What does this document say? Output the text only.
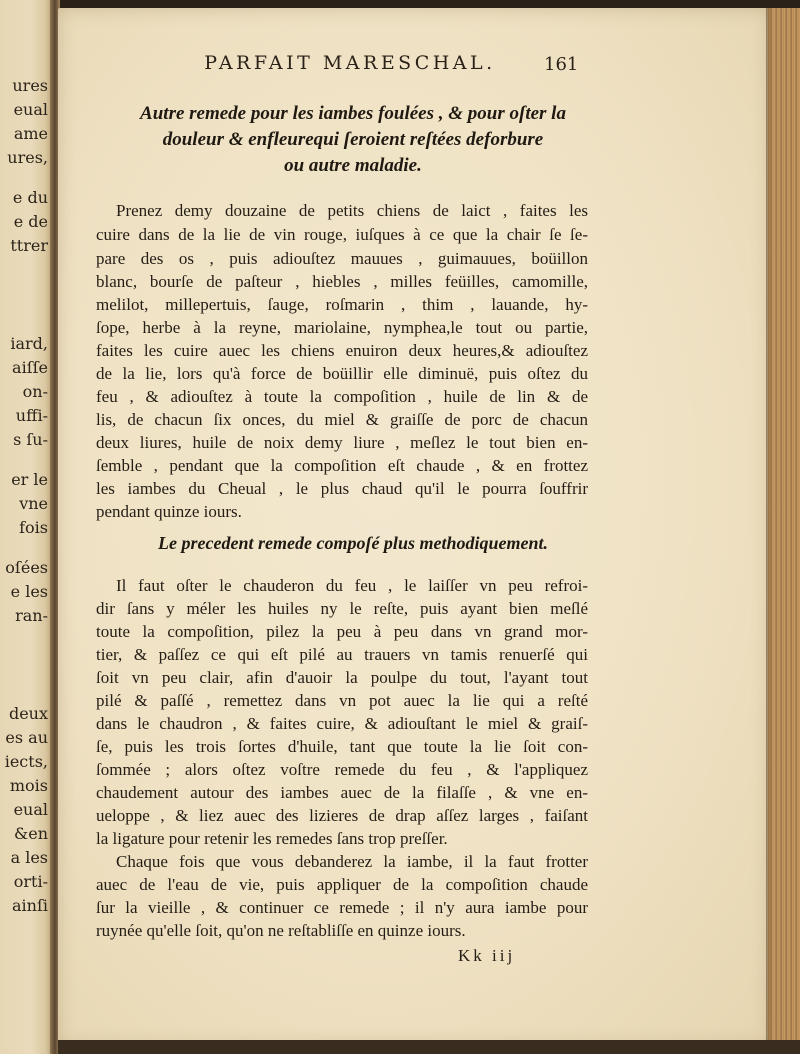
ures
eual
ame
ures,
e du
e de
ttrer
iard,
aiſſe
on-
uffi-
s ſu-
er le
vne
fois
oſées
e les
ran-
deux
es au
iects,
mois
eual
&en
a les
orti-
ainſi
PARFAIT MARESCHAL.	161
Autre remede pour les iambes foulées , & pour oſter la
douleur & enfleurequi ſeroient reſtées deforbure
ou autre maladie.
Prenez demy douzaine de petits chiens de laict , faites les
cuire dans de la lie de vin rouge, iuſques à ce que la chair ſe ſe-
pare des os , puis adiouſtez mauues , guimauues, boüillon
blanc, bourſe de paſteur , hiebles , milles feüilles, camomille,
melilot, millepertuis, ſauge, roſmarin , thim , lauande, hy-
ſope, herbe à la reyne, mariolaine, nymphea,le tout ou partie,
faites les cuire auec les chiens enuiron deux heures,& adiouſtez
de la lie, lors qu'à force de boüillir elle diminuë, puis oſtez du
feu , & adiouſtez à toute la compoſition , huile de lin & de
lis, de chacun ſix onces, du miel & graiſſe de porc de chacun
deux liures, huile de noix demy liure , meſlez le tout bien en-
ſemble , pendant que la compoſition eſt chaude , & en frottez
les iambes du Cheual , le plus chaud qu'il le pourra ſouffrir
pendant quinze iours.
Le precedent remede compoſé plus methodiquement.
Il faut oſter le chauderon du feu , le laiſſer vn peu refroi-
dir ſans y méler les huiles ny le reſte, puis ayant bien meſlé
toute la compoſition, pilez la peu à peu dans vn grand mor-
tier, & paſſez ce qui eſt pilé au trauers vn tamis renuerſé qui
ſoit vn peu clair, afin d'auoir la poulpe du tout, l'ayant tout
pilé & paſſé , remettez dans vn pot auec la lie qui a reſté
dans le chaudron , & faites cuire, & adiouſtant le miel & graiſ-
ſe, puis les trois ſortes d'huile, tant que toute la lie ſoit con-
ſommée ; alors oſtez voſtre remede du feu , & l'appliquez
chaudement autour des iambes auec de la filaſſe , & vne en-
ueloppe , & liez auec des lizieres de drap aſſez larges , faiſant
la ligature pour retenir les remedes ſans trop preſſer.
Chaque fois que vous debanderez la iambe, il la faut frotter
auec de l'eau de vie, puis appliquer de la compoſition chaude
ſur la vieille , & continuer ce remede ; il n'y aura iambe pour
ruynée qu'elle ſoit, qu'on ne reſtabliſſe en quinze iours.
Kk iij
